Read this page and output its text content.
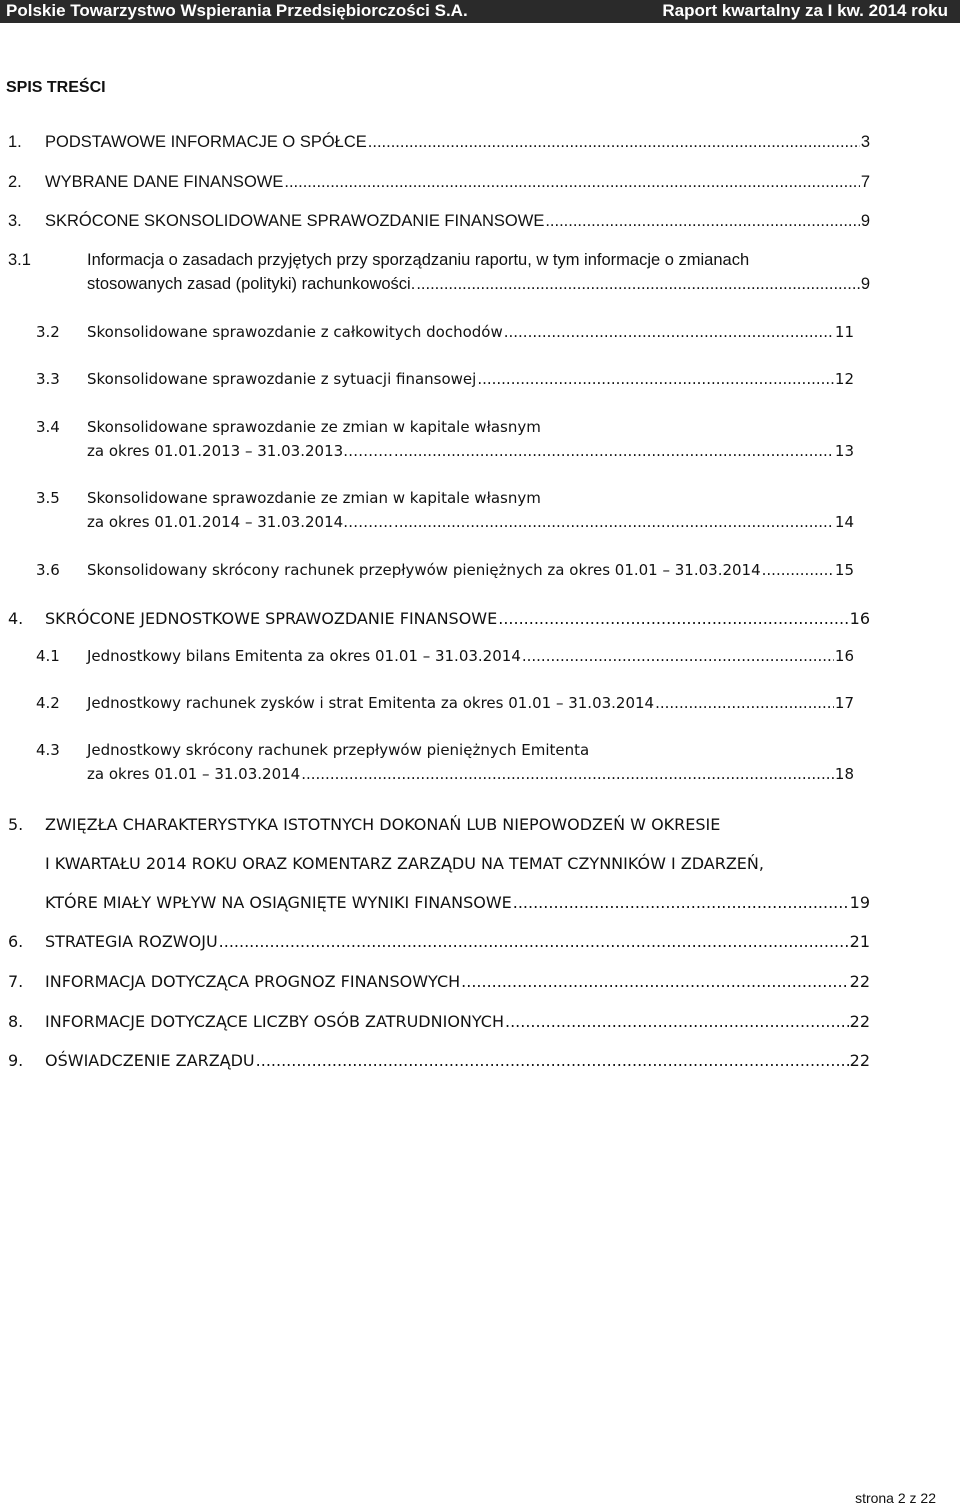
Polskie Towarzystwo Wspierania Przedsiębiorczości S.A.	Raport kwartalny za I kw. 2014 roku
SPIS TREŚCI
1.	PODSTAWOWE INFORMACJE O SPÓŁCE .....	3
2.	WYBRANE DANE FINANSOWE .....	7
3.	SKRÓCONE SKONSOLIDOWANE SPRAWOZDANIE FINANSOWE .....	9
3.1	Informacja o zasadach przyjętych przy sporządzaniu raportu, w tym informacje o zmianach
stosowanych zasad (polityki) rachunkowości. .....	9
3.2	Skonsolidowane sprawozdanie z całkowitych dochodów .....	11
3.3	Skonsolidowane sprawozdanie z sytuacji finansowej .....	12
3.4 Skonsolidowane sprawozdanie ze zmian w kapitale własnym
za okres 01.01.2013 – 31.03.2013………. .....	13
3.5 Skonsolidowane sprawozdanie ze zmian w kapitale własnym
za okres 01.01.2014 – 31.03.2014………. .....	14
3.6	Skonsolidowany skrócony rachunek przepływów pieniężnych za okres 01.01 – 31.03.2014 .....	15
4.	SKRÓCONE JEDNOSTKOWE SPRAWOZDANIE FINANSOWE .....	16
4.1	Jednostkowy bilans Emitenta za okres 01.01 – 31.03.2014 .....	16
4.2	Jednostkowy rachunek zysków i strat Emitenta za okres 01.01 – 31.03.2014 .....	17
4.3 Jednostkowy skrócony rachunek przepływów pieniężnych Emitenta
za okres 01.01 – 31.03.2014 .....	18
5. ZWIĘZŁA CHARAKTERYSTYKA ISTOTNYCH DOKONAŃ LUB NIEPOWODZEŃ W OKRESIE
I KWARTAŁU 2014 ROKU ORAZ KOMENTARZ ZARZĄDU NA TEMAT CZYNNIKÓW I ZDARZEŃ,
KTÓRE MIAŁY WPŁYW NA OSIĄGNIĘTE WYNIKI FINANSOWE .....	19
6.	STRATEGIA ROZWOJU .....	21
7.	INFORMACJA DOTYCZĄCA PROGNOZ FINANSOWYCH .....	22
8.	INFORMACJE DOTYCZĄCE LICZBY OSÓB ZATRUDNIONYCH .....	22
9.	OŚWIADCZENIE ZARZĄDU .....	22
strona 2 z 22
